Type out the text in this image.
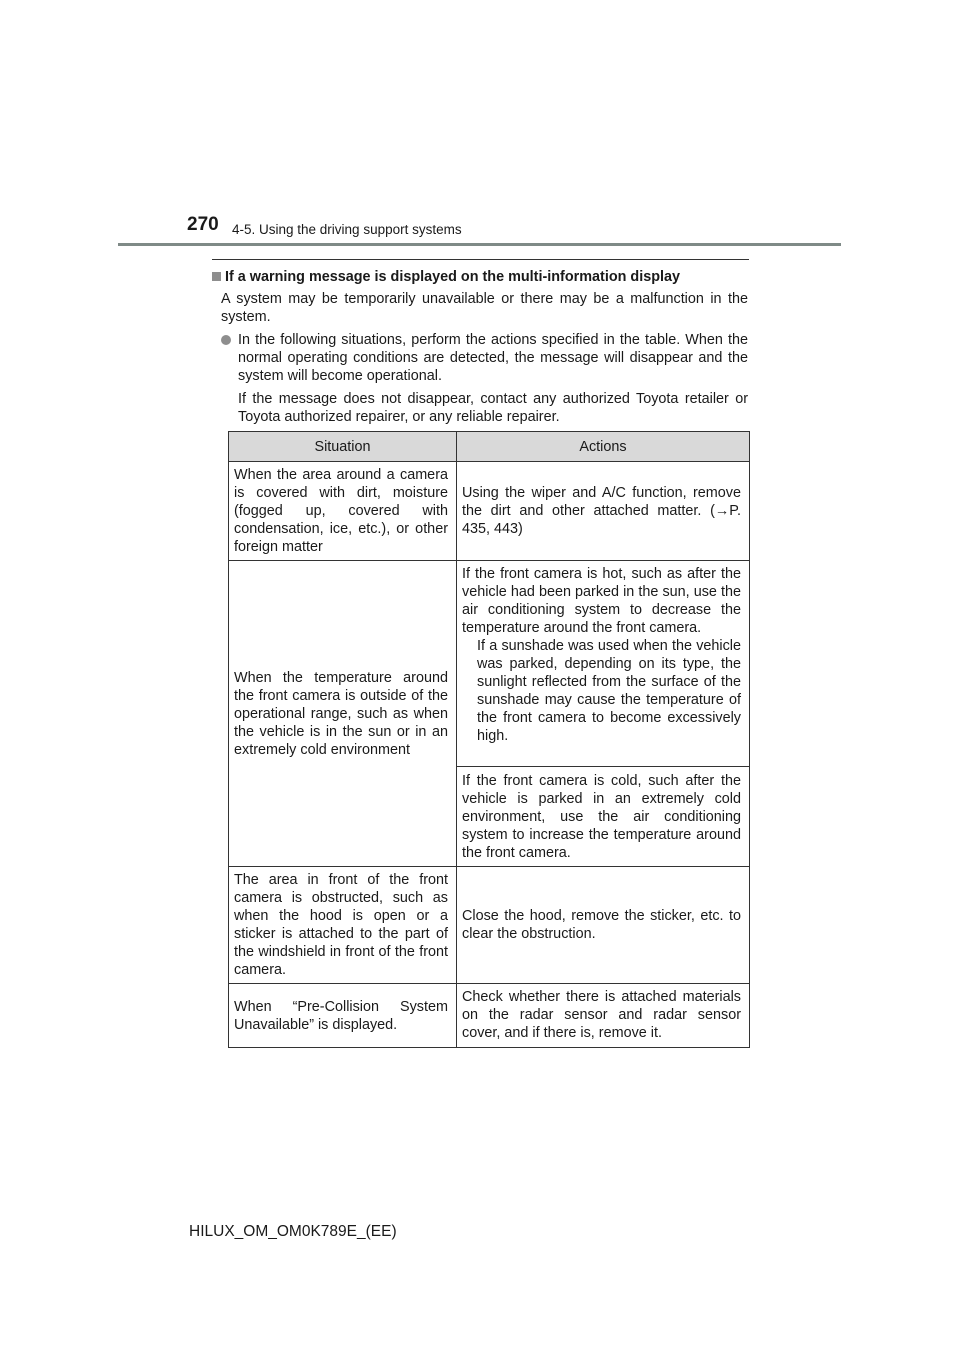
270 4-5. Using the driving support systems

If a warning message is displayed on the multi-information display

A system may be temporarily unavailable or there may be a malfunction in the system.

In the following situations, perform the actions specified in the table. When the normal operating conditions are detected, the message will disappear and the system will become operational.

If the message does not disappear, contact any authorized Toyota retailer or Toyota authorized repairer, or any reliable repairer.

Situation	Actions
When the area around a camera is covered with dirt, moisture (fogged up, covered with condensation, ice, etc.), or other foreign matter	Using the wiper and A/C function, remove the dirt and other attached matter. (→P. 435, 443)
When the temperature around the front camera is outside of the operational range, such as when the vehicle is in the sun or in an extremely cold environment	If the front camera is hot, such as after the vehicle had been parked in the sun, use the air conditioning system to decrease the temperature around the front camera.
If a sunshade was used when the vehicle was parked, depending on its type, the sunlight reflected from the surface of the sunshade may cause the temperature of the front camera to become excessively high.

	If the front camera is cold, such after the vehicle is parked in an extremely cold environment, use the air conditioning system to increase the temperature around the front camera.
The area in front of the front camera is obstructed, such as when the hood is open or a sticker is attached to the part of the windshield in front of the front camera.	Close the hood, remove the sticker, etc. to clear the obstruction.
When “Pre-Collision System Unavailable” is displayed.	Check whether there is attached materials on the radar sensor and radar sensor cover, and if there is, remove it.
HILUX_OM_OM0K789E_(EE)
